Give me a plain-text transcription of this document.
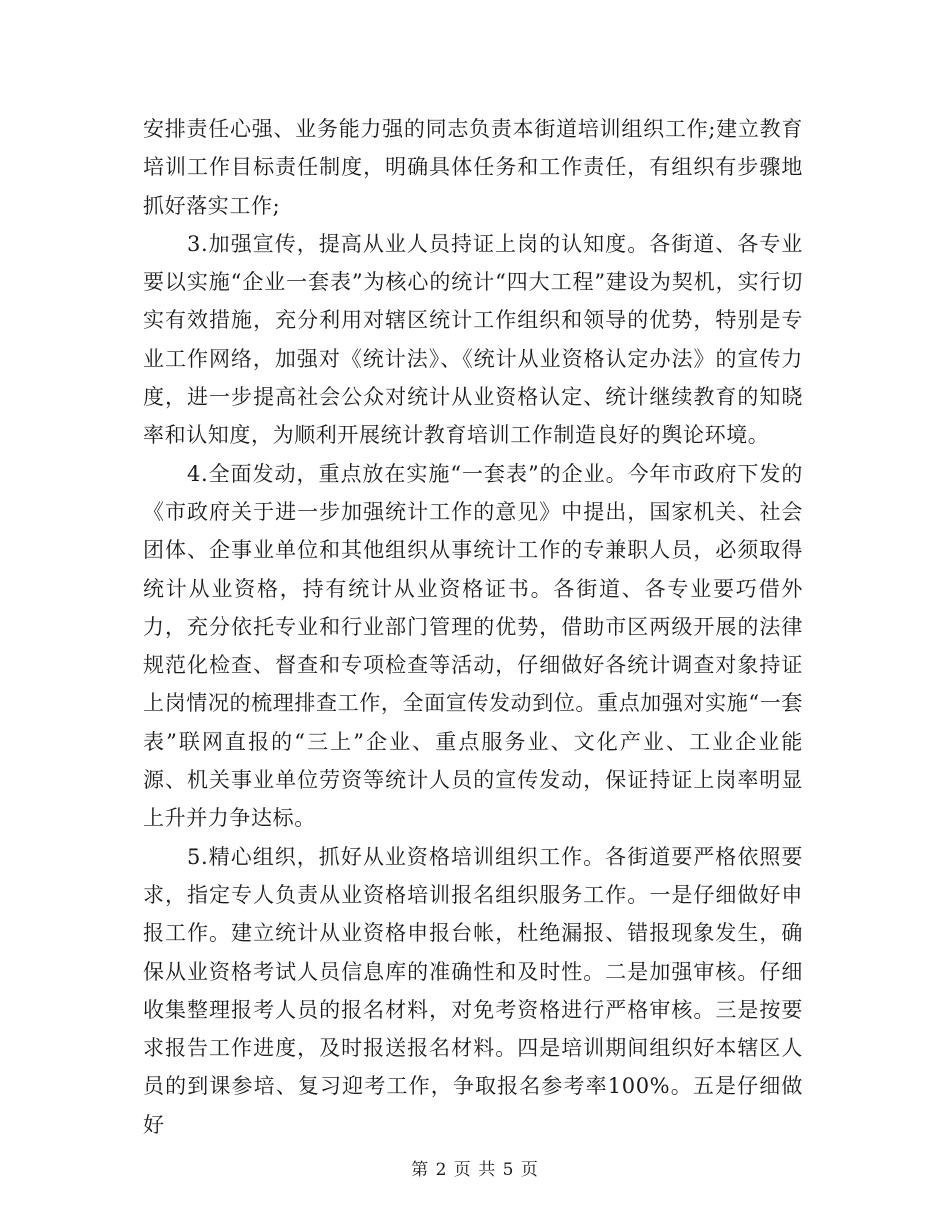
安排责任心强、业务能力强的同志负责本街道培训组织工作;建立教育培训工作目标责任制度，明确具体任务和工作责任，有组织有步骤地抓好落实工作;

3.加强宣传，提高从业人员持证上岗的认知度。各街道、各专业要以实施“企业一套表”为核心的统计“四大工程”建设为契机，实行切实有效措施，充分利用对辖区统计工作组织和领导的优势，特别是专业工作网络，加强对《统计法》、《统计从业资格认定办法》的宣传力度，进一步提高社会公众对统计从业资格认定、统计继续教育的知晓率和认知度，为顺利开展统计教育培训工作制造良好的舆论环境。

4.全面发动，重点放在实施“一套表”的企业。今年市政府下发的《市政府关于进一步加强统计工作的意见》中提出，国家机关、社会团体、企事业单位和其他组织从事统计工作的专兼职人员，必须取得统计从业资格，持有统计从业资格证书。各街道、各专业要巧借外力，充分依托专业和行业部门管理的优势，借助市区两级开展的法律规范化检查、督查和专项检查等活动，仔细做好各统计调查对象持证上岗情况的梳理排查工作，全面宣传发动到位。重点加强对实施“一套表”联网直报的“三上”企业、重点服务业、文化产业、工业企业能源、机关事业单位劳资等统计人员的宣传发动，保证持证上岗率明显上升并力争达标。

5.精心组织，抓好从业资格培训组织工作。各街道要严格依照要求，指定专人负责从业资格培训报名组织服务工作。一是仔细做好申报工作。建立统计从业资格申报台帐，杜绝漏报、错报现象发生，确保从业资格考试人员信息库的准确性和及时性。二是加强审核。仔细收集整理报考人员的报名材料，对免考资格进行严格审核。三是按要求报告工作进度，及时报送报名材料。四是培训期间组织好本辖区人员的到课参培、复习迎考工作，争取报名参考率100%。五是仔细做好

第 2 页 共 5 页
